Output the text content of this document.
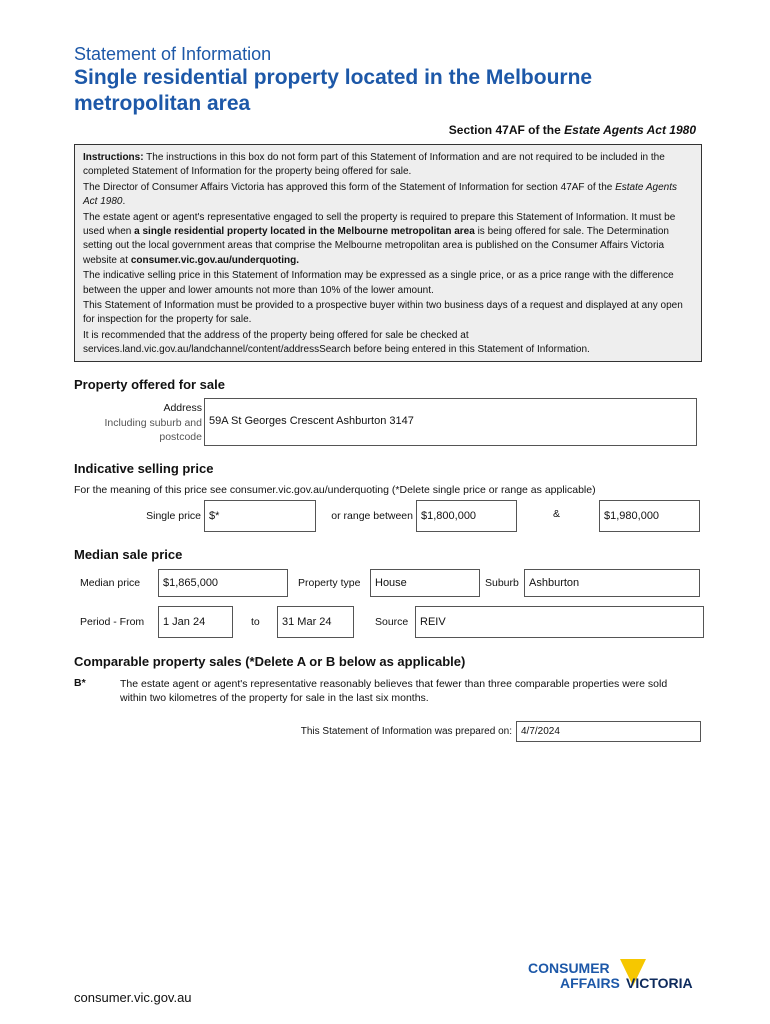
Statement of Information
Single residential property located in the Melbourne metropolitan area
Section 47AF of the Estate Agents Act 1980

Instructions: The instructions in this box do not form part of this Statement of Information and are not required to be included in the completed Statement of Information for the property being offered for sale.

The Director of Consumer Affairs Victoria has approved this form of the Statement of Information for section 47AF of the Estate Agents Act 1980.

The estate agent or agent's representative engaged to sell the property is required to prepare this Statement of Information. It must be used when a single residential property located in the Melbourne metropolitan area is being offered for sale. The Determination setting out the local government areas that comprise the Melbourne metropolitan area is published on the Consumer Affairs Victoria website at consumer.vic.gov.au/underquoting.

The indicative selling price in this Statement of Information may be expressed as a single price, or as a price range with the difference between the upper and lower amounts not more than 10% of the lower amount.

This Statement of Information must be provided to a prospective buyer within two business days of a request and displayed at any open for inspection for the property for sale.

It is recommended that the address of the property being offered for sale be checked at services.land.vic.gov.au/landchannel/content/addressSearch before being entered in this Statement of Information.

Property offered for sale
Address
Including suburb and
postcode
59A St Georges Crescent Ashburton 3147
Indicative selling price
For the meaning of this price see consumer.vic.gov.au/underquoting (*Delete single price or range as applicable)
Single price $*	or range between $1,800,000	&	$1,980,000
Median sale price
Median price $1,865,000	Property type House	Suburb Ashburton
Period - From 1 Jan 24	to 31 Mar 24	Source REIV
Comparable property sales (*Delete A or B below as applicable)
B*	The estate agent or agent's representative reasonably believes that fewer than three comparable properties were sold within two kilometres of the property for sale in the last six months.
This Statement of Information was prepared on: 4/7/2024
CONSUMER
AFFAIRS VICTORIA
consumer.vic.gov.au
